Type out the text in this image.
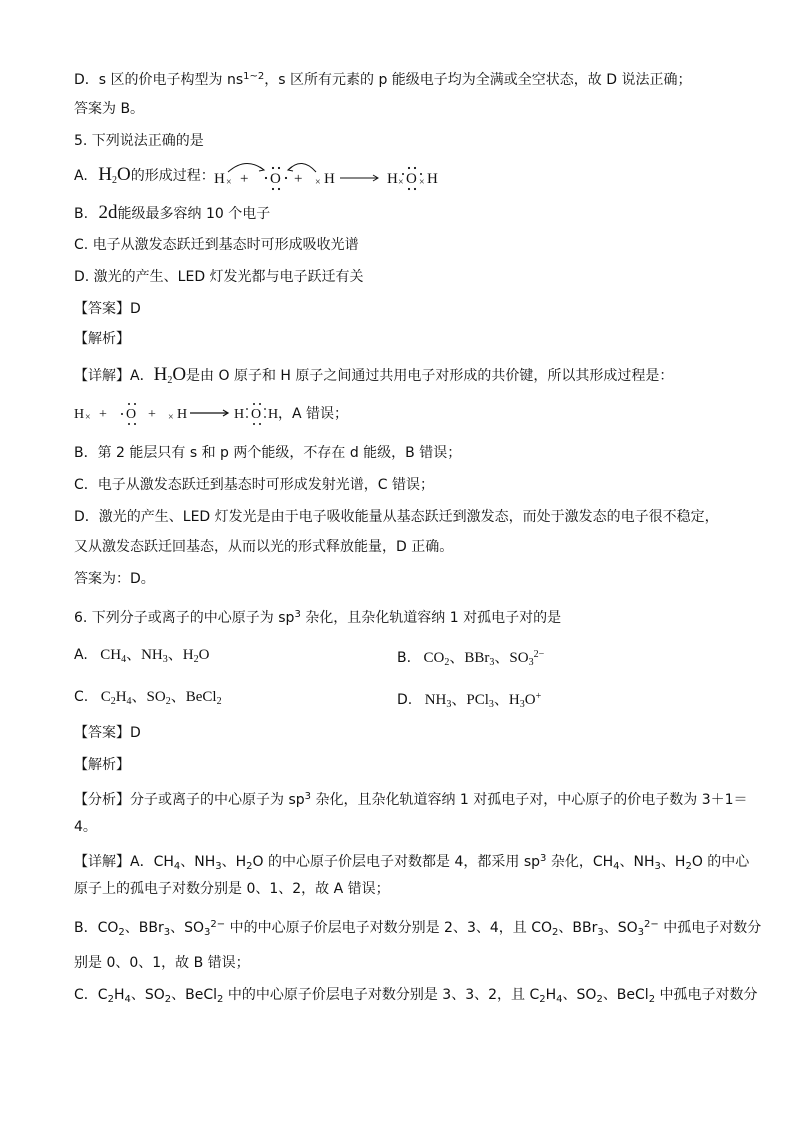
D．s 区的价电子构型为 $ns^{1\sim 2}$，s 区所有元素的 p 能级电子均为全满或全空状态，故 D 说法正确；
答案为 B。
5. 下列说法正确的是
A. $H_2O$的形成过程： H × + O + × H	H × O × H
B. 2d能级最多容纳 10 个电子
C. 电子从激发态跃迁到基态时可形成吸收光谱
D. 激光的产生、LED 灯发光都与电子跃迁有关
【答案】D
【解析】
【详解】A．$H_2O$是由 O 原子和 H 原子之间通过共用电子对形成的共价键，所以其形成过程是：
H × + O + × H	H O H ，A 错误；
B．第 2 能层只有 s 和 p 两个能级，不存在 d 能级，B 错误；
C．电子从激发态跃迁到基态时可形成发射光谱，C 错误；
D．激光的产生、LED 灯发光是由于电子吸收能量从基态跃迁到激发态，而处于激发态的电子很不稳定，
又从激发态跃迁回基态，从而以光的形式释放能量，D 正确。
答案为：D。
6. 下列分子或离子的中心原子为 $sp^3$ 杂化，且杂化轨道容纳 1 对孤电子对的是
A. $CH_4$、$NH_3$、$H_2O$	B. $CO_2$、BBr$_3$、$SO_3^{2-}$
C. $C_2H_4$、$SO_2$、BeCl$_2$	D. $NH_3$、PCl$_3$、$H_3O^+$
【答案】D
【解析】
【分析】分子或离子的中心原子为 $sp^3$ 杂化，且杂化轨道容纳 1 对孤电子对，中心原子的价电子数为 3＋1＝
4。
【详解】A．$CH_4$、$NH_3$、$H_2O$ 的中心原子价层电子对数都是 4，都采用 $sp^3$ 杂化，$CH_4$、$NH_3$、$H_2O$ 的中心
原子上的孤电子对数分别是 0、1、2，故 A 错误；
B．$CO_2$、BBr$_3$、$SO_3^{2-}$ 中的中心原子价层电子对数分别是 2、3、4，且 $CO_2$、BBr$_3$、$SO_3^{2-}$ 中孤电子对数分
别是 0、0、1，故 B 错误；
C．$C_2H_4$、$SO_2$、BeCl$_2$ 中的中心原子价层电子对数分别是 3、3、2，且 $C_2H_4$、$SO_2$、BeCl$_2$ 中孤电子对数分
